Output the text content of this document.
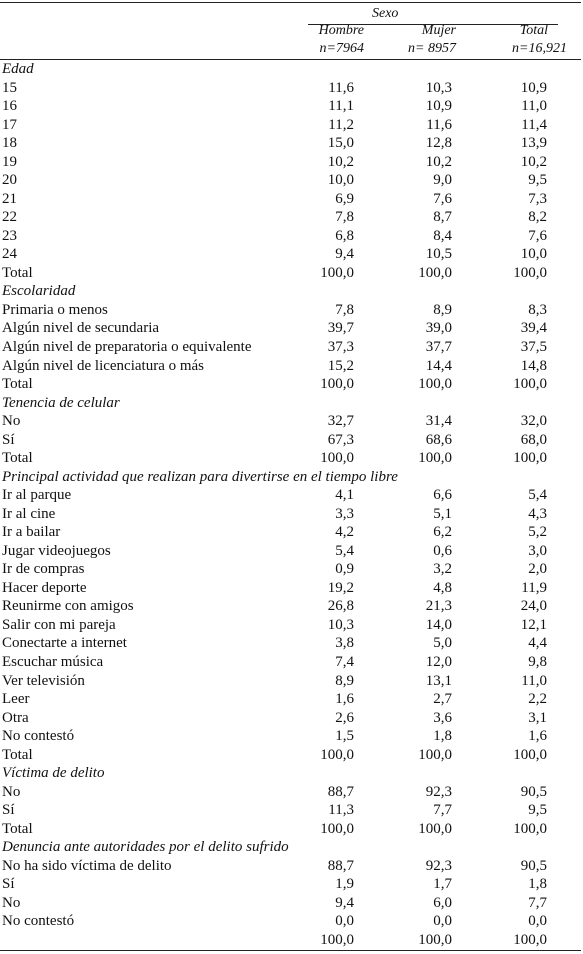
Sexo
Hombre	Mujer	Total
n=7964	n= 8957	n=16,921
Edad
15	11,6	10,3	10,9
16	11,1	10,9	11,0
17	11,2	11,6	11,4
18	15,0	12,8	13,9
19	10,2	10,2	10,2
20	10,0	9,0	9,5
21	6,9	7,6	7,3
22	7,8	8,7	8,2
23	6,8	8,4	7,6
24	9,4	10,5	10,0
Total	100,0	100,0	100,0
Escolaridad
Primaria o menos	7,8	8,9	8,3
Algún nivel de secundaria	39,7	39,0	39,4
Algún nivel de preparatoria o equivalente	37,3	37,7	37,5
Algún nivel de licenciatura o más	15,2	14,4	14,8
Total	100,0	100,0	100,0
Tenencia de celular
No	32,7	31,4	32,0
Sí	67,3	68,6	68,0
Total	100,0	100,0	100,0
Principal actividad que realizan para divertirse en el tiempo libre
Ir al parque	4,1	6,6	5,4
Ir al cine	3,3	5,1	4,3
Ir a bailar	4,2	6,2	5,2
Jugar videojuegos	5,4	0,6	3,0
Ir de compras	0,9	3,2	2,0
Hacer deporte	19,2	4,8	11,9
Reunirme con amigos	26,8	21,3	24,0
Salir con mi pareja	10,3	14,0	12,1
Conectarte a internet	3,8	5,0	4,4
Escuchar música	7,4	12,0	9,8
Ver televisión	8,9	13,1	11,0
Leer	1,6	2,7	2,2
Otra	2,6	3,6	3,1
No contestó	1,5	1,8	1,6
Total	100,0	100,0	100,0
Víctima de delito
No	88,7	92,3	90,5
Sí	11,3	7,7	9,5
Total	100,0	100,0	100,0
Denuncia ante autoridades por el delito sufrido
No ha sido víctima de delito	88,7	92,3	90,5
Sí	1,9	1,7	1,8
No	9,4	6,0	7,7
No contestó	0,0	0,0	0,0
100,0	100,0	100,0
